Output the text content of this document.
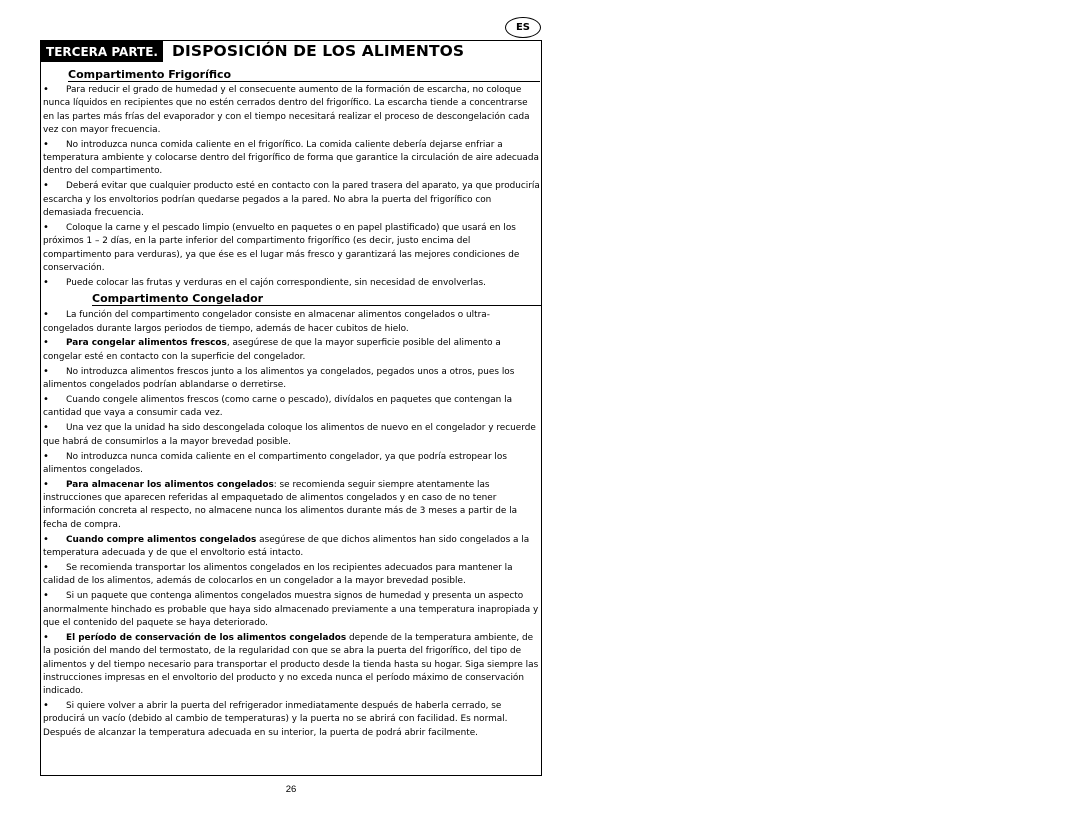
ES
TERCERA PARTE. DISPOSICIÓN DE LOS ALIMENTOS
Compartimento Frigorífico
• Para reducir el grado de humedad y el consecuente aumento de la formación de escarcha, no coloque nunca líquidos en recipientes que no estén cerrados dentro del frigorífico. La escarcha tiende a concentrarse en las partes más frías del evaporador y con el tiempo necesitará realizar el proceso de descongelación cada vez con mayor frecuencia.
• No introduzca nunca comida caliente en el frigorífico. La comida caliente debería dejarse enfriar a temperatura ambiente y colocarse dentro del frigorífico de forma que garantice la circulación de aire adecuada dentro del compartimento.
• Deberá evitar que cualquier producto esté en contacto con la pared trasera del aparato, ya que produciría escarcha y los envoltorios podrían quedarse pegados a la pared. No abra la puerta del frigorífico con demasiada frecuencia.
• Coloque la carne y el pescado limpio (envuelto en paquetes o en papel plastificado) que usará en los próximos 1 – 2 días, en la parte inferior del compartimento frigorífico (es decir, justo encima del compartimento para verduras), ya que ése es el lugar más fresco y garantizará las mejores condiciones de conservación.
• Puede colocar las frutas y verduras en el cajón correspondiente, sin necesidad de envolverlas.
Compartimento Congelador
• La función del compartimento congelador consiste en almacenar alimentos congelados o ultra-congelados durante largos periodos de tiempo, además de hacer cubitos de hielo.
• Para congelar alimentos frescos, asegúrese de que la mayor superficie posible del alimento a congelar esté en contacto con la superficie del congelador.
• No introduzca alimentos frescos junto a los alimentos ya congelados, pegados unos a otros, pues los alimentos congelados podrían ablandarse o derretirse.
• Cuando congele alimentos frescos (como carne o pescado), divídalos en paquetes que contengan la cantidad que vaya a consumir cada vez.
• Una vez que la unidad ha sido descongelada coloque los alimentos de nuevo en el congelador y recuerde que habrá de consumirlos a la mayor brevedad posible.
• No introduzca nunca comida caliente en el compartimento congelador, ya que podría estropear los alimentos congelados.
• Para almacenar los alimentos congelados: se recomienda seguir siempre atentamente las instrucciones que aparecen referidas al empaquetado de alimentos congelados y en caso de no tener información concreta al respecto, no almacene nunca los alimentos durante más de 3 meses a partir de la fecha de compra.
• Cuando compre alimentos congelados asegúrese de que dichos alimentos han sido congelados a la temperatura adecuada y de que el envoltorio está intacto.
• Se recomienda transportar los alimentos congelados en los recipientes adecuados para mantener la calidad de los alimentos, además de colocarlos en un congelador a la mayor brevedad posible.
• Si un paquete que contenga alimentos congelados muestra signos de humedad y presenta un aspecto anormalmente hinchado es probable que haya sido almacenado previamente a una temperatura inapropiada y que el contenido del paquete se haya deteriorado.
• El período de conservación de los alimentos congelados depende de la temperatura ambiente, de la posición del mando del termostato, de la regularidad con que se abra la puerta del frigorífico, del tipo de alimentos y del tiempo necesario para transportar el producto desde la tienda hasta su hogar. Siga siempre las instrucciones impresas en el envoltorio del producto y no exceda nunca el período máximo de conservación indicado.
• Si quiere volver a abrir la puerta del refrigerador inmediatamente después de haberla cerrado, se producirá un vacío (debido al cambio de temperaturas) y la puerta no se abrirá con facilidad. Es normal. Después de alcanzar la temperatura adecuada en su interior, la puerta de podrá abrir facilmente.
26
